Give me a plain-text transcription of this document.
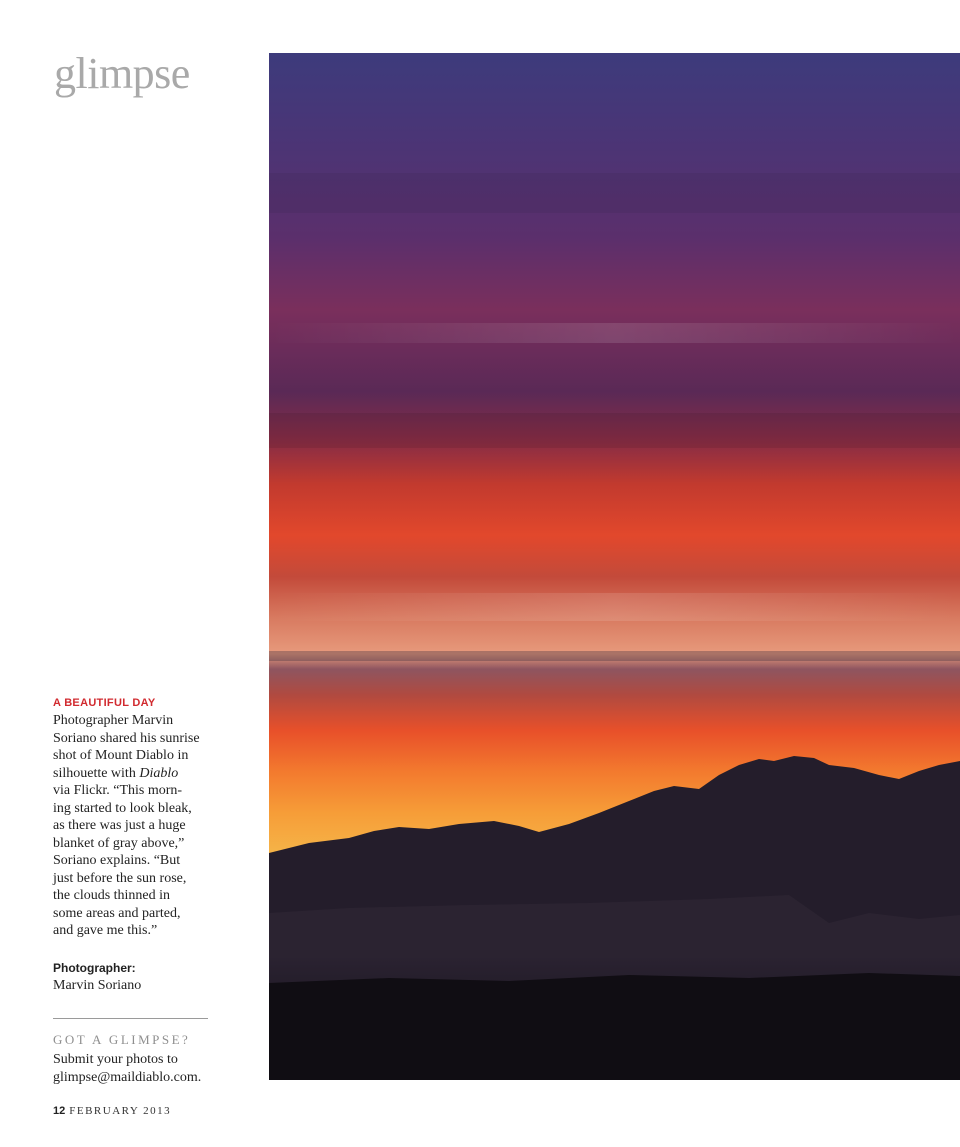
glimpse
A BEAUTIFUL DAY
Photographer Marvin
Soriano shared his sunrise
shot of Mount Diablo in
silhouette with Diablo
via Flickr. “This morn-
ing started to look bleak,
as there was just a huge
blanket of gray above,”
Soriano explains. “But
just before the sun rose,
the clouds thinned in
some areas and parted,
and gave me this.”
Photographer:
Marvin Soriano
GOT A GLIMPSE?
Submit your photos to
glimpse@maildiablo.com.
12 FEBRUARY 2013
